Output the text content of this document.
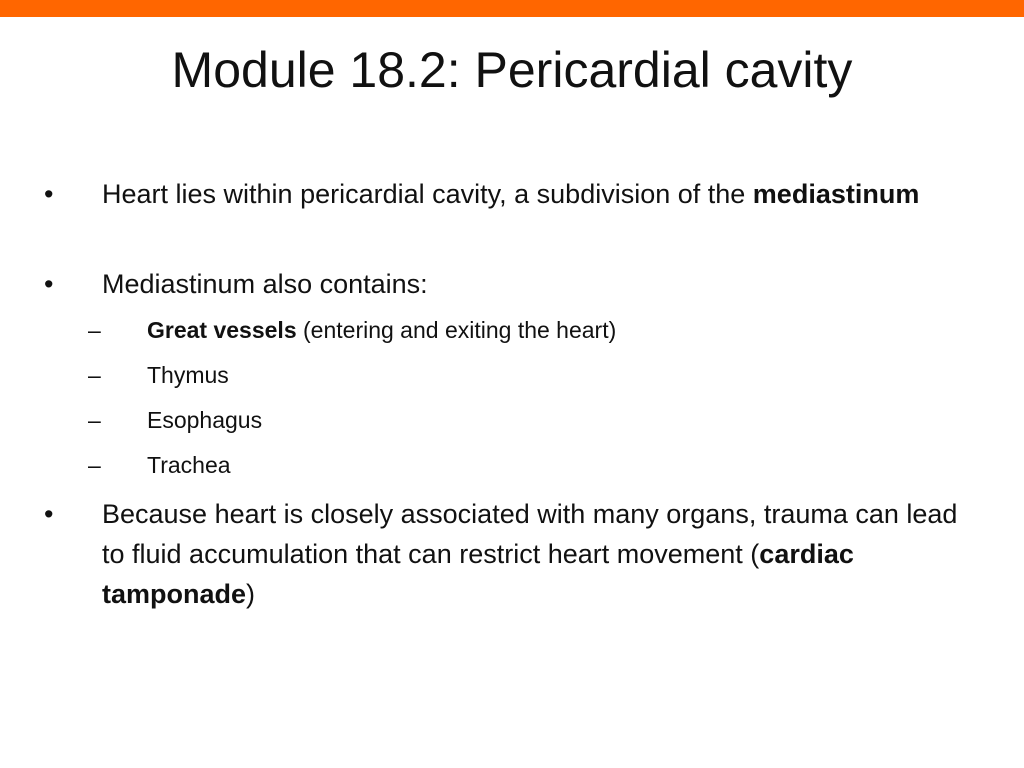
Module 18.2: Pericardial cavity
• Heart lies within pericardial cavity, a subdivision of the mediastinum
• Mediastinum also contains:
– Great vessels (entering and exiting the heart)
– Thymus
– Esophagus
– Trachea
• Because heart is closely associated with many organs, trauma can lead to fluid accumulation that can restrict heart movement (cardiac tamponade)
